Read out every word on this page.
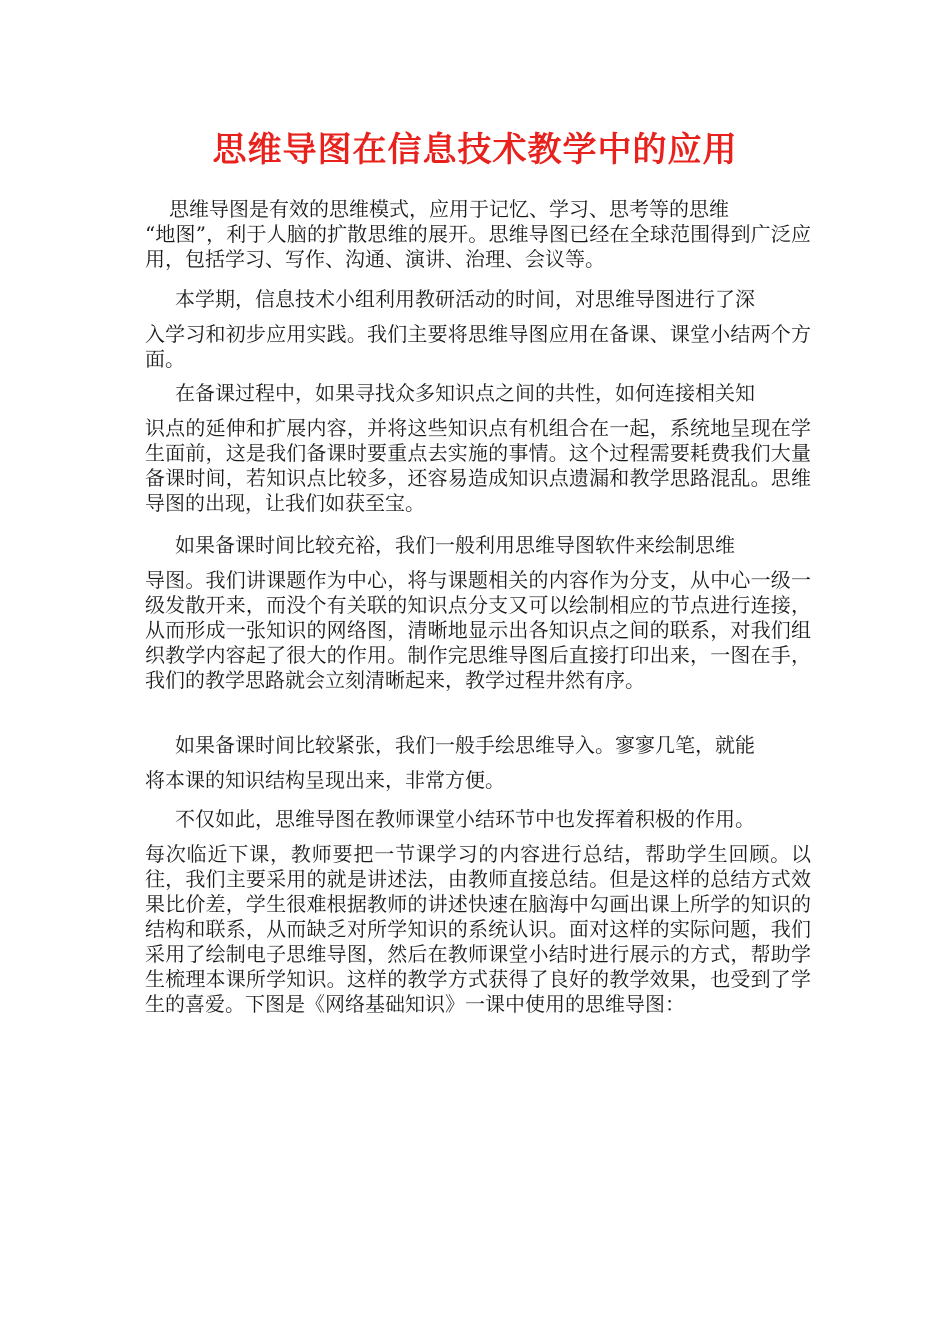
思维导图在信息技术教学中的应用
思维导图是有效的思维模式，应用于记忆、学习、思考等的思维
“地图”，利于人脑的扩散思维的展开。思维导图已经在全球范围得到广泛应用，包括学习、写作、沟通、演讲、治理、会议等。
本学期，信息技术小组利用教研活动的时间，对思维导图进行了深
入学习和初步应用实践。我们主要将思维导图应用在备课、课堂小结两个方面。
在备课过程中，如果寻找众多知识点之间的共性，如何连接相关知
识点的延伸和扩展内容，并将这些知识点有机组合在一起，系统地呈现在学生面前，这是我们备课时要重点去实施的事情。这个过程需要耗费我们大量备课时间，若知识点比较多，还容易造成知识点遗漏和教学思路混乱。思维导图的出现，让我们如获至宝。
如果备课时间比较充裕，我们一般利用思维导图软件来绘制思维
导图。我们讲课题作为中心，将与课题相关的内容作为分支，从中心一级一级发散开来，而没个有关联的知识点分支又可以绘制相应的节点进行连接，从而形成一张知识的网络图，清晰地显示出各知识点之间的联系，对我们组织教学内容起了很大的作用。制作完思维导图后直接打印出来，一图在手，我们的教学思路就会立刻清晰起来，教学过程井然有序。
如果备课时间比较紧张，我们一般手绘思维导入。寥寥几笔，就能
将本课的知识结构呈现出来，非常方便。
不仅如此，思维导图在教师课堂小结环节中也发挥着积极的作用。
每次临近下课，教师要把一节课学习的内容进行总结，帮助学生回顾。以往，我们主要采用的就是讲述法，由教师直接总结。但是这样的总结方式效果比价差，学生很难根据教师的讲述快速在脑海中勾画出课上所学的知识的结构和联系，从而缺乏对所学知识的系统认识。面对这样的实际问题，我们采用了绘制电子思维导图，然后在教师课堂小结时进行展示的方式，帮助学生梳理本课所学知识。这样的教学方式获得了良好的教学效果，也受到了学生的喜爱。下图是《网络基础知识》一课中使用的思维导图：
